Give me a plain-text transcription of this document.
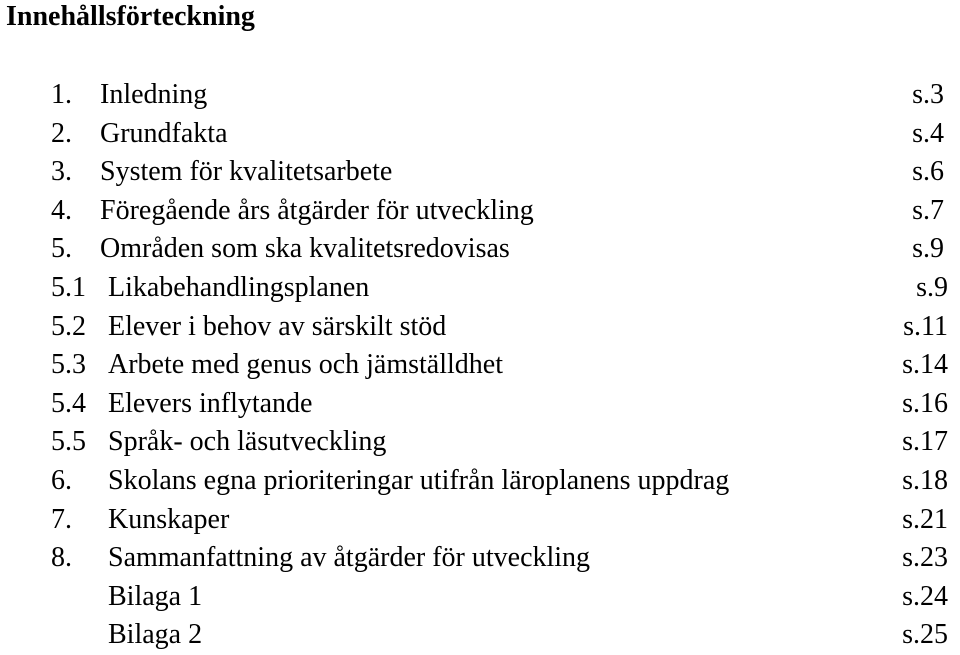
Innehållsförteckning
1. Inledning	s.3
2. Grundfakta	s.4
3. System för kvalitetsarbete	s.6
4. Föregående års åtgärder för utveckling	s.7
5. Områden som ska kvalitetsredovisas	s.9
5.1 Likabehandlingsplanen	s.9
5.2 Elever i behov av särskilt stöd	s.11
5.3 Arbete med genus och jämställdhet	s.14
5.4 Elevers inflytande	s.16
5.5 Språk- och läsutveckling	s.17
6. Skolans egna prioriteringar utifrån läroplanens uppdrag	s.18
7. Kunskaper	s.21
8. Sammanfattning av åtgärder för utveckling	s.23
Bilaga 1	s.24
Bilaga 2	s.25
